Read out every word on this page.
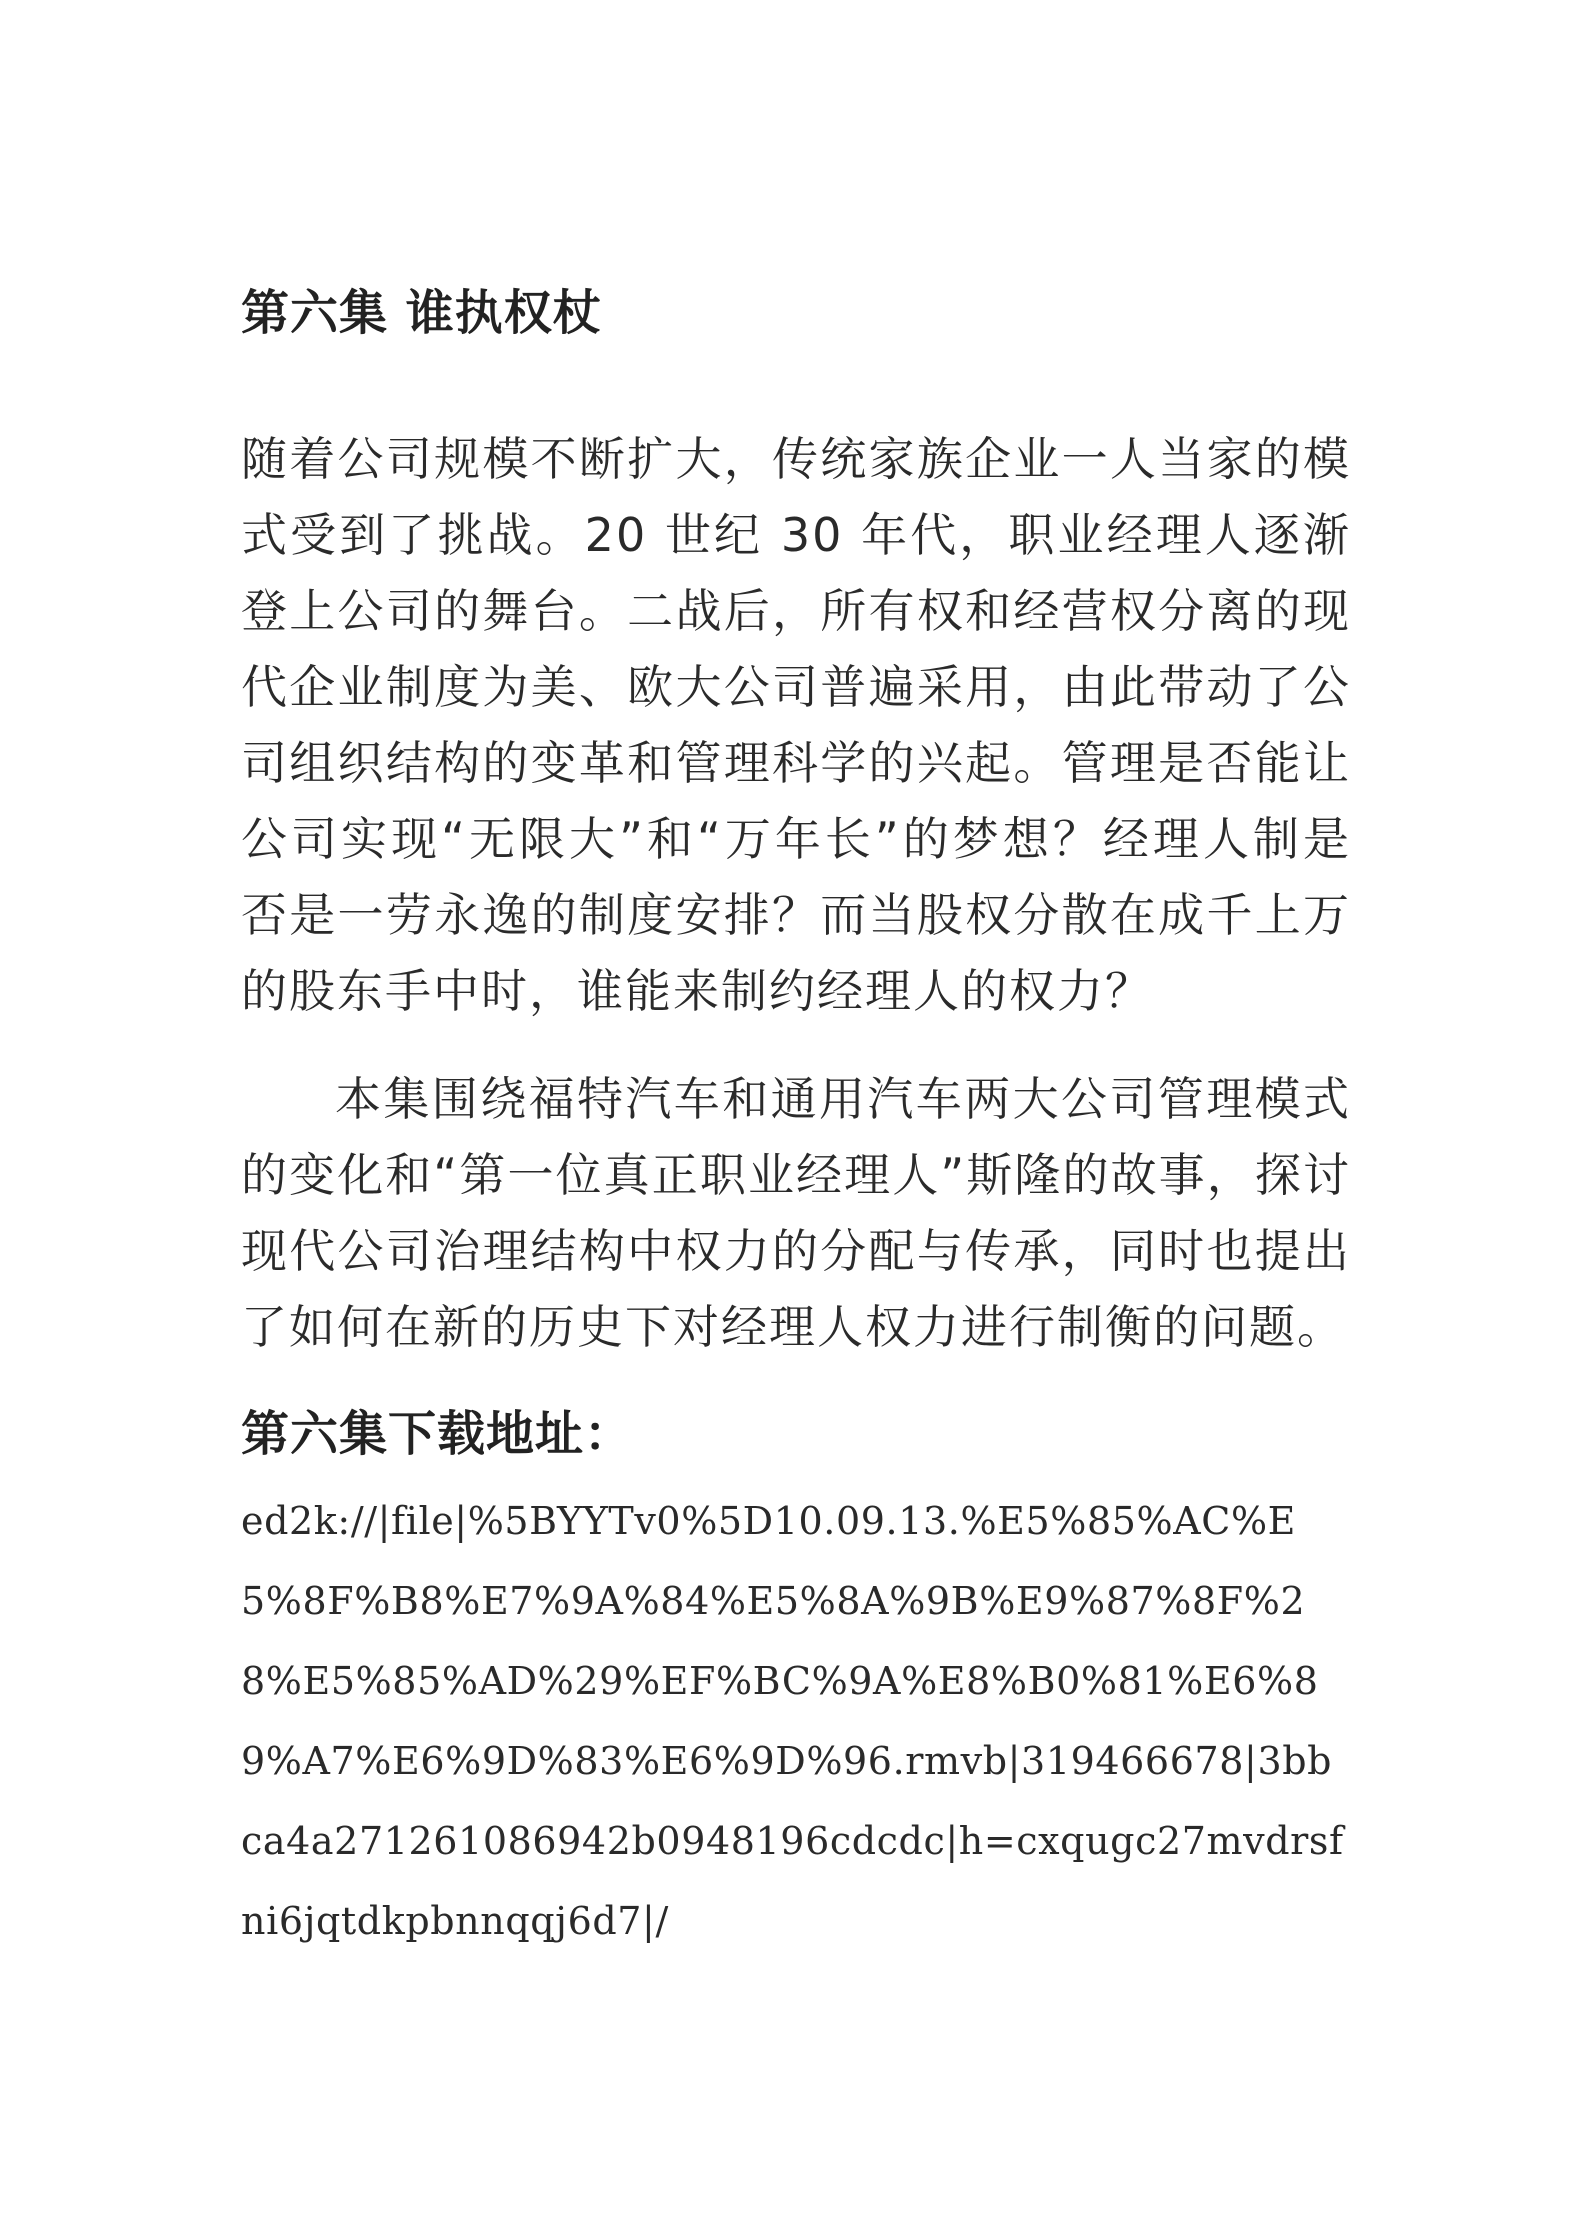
第六集 谁执权杖

随着公司规模不断扩大，传统家族企业一人当家的模式受到了挑战。20 世纪 30 年代，职业经理人逐渐登上公司的舞台。二战后，所有权和经营权分离的现代企业制度为美、欧大公司普遍采用，由此带动了公司组织结构的变革和管理科学的兴起。管理是否能让公司实现“无限大”和“万年长”的梦想？经理人制是否是一劳永逸的制度安排？而当股权分散在成千上万的股东手中时，谁能来制约经理人的权力？

本集围绕福特汽车和通用汽车两大公司管理模式的变化和“第一位真正职业经理人”斯隆的故事，探讨现代公司治理结构中权力的分配与传承，同时也提出了如何在新的历史下对经理人权力进行制衡的问题。

第六集下载地址：
ed2k://|file|%5BYYTv0%5D10.09.13.%E5%85%AC%E5%8F%B8%E7%9A%84%E5%8A%9B%E9%87%8F%28%E5%85%AD%29%EF%BC%9A%E8%B0%81%E6%89%A7%E6%9D%83%E6%9D%96.rmvb|319466678|3bbca4a271261086942b0948196cdcdc|h=cxqugc27mvdrsfni6jqtdkpbnnqqj6d7|/
